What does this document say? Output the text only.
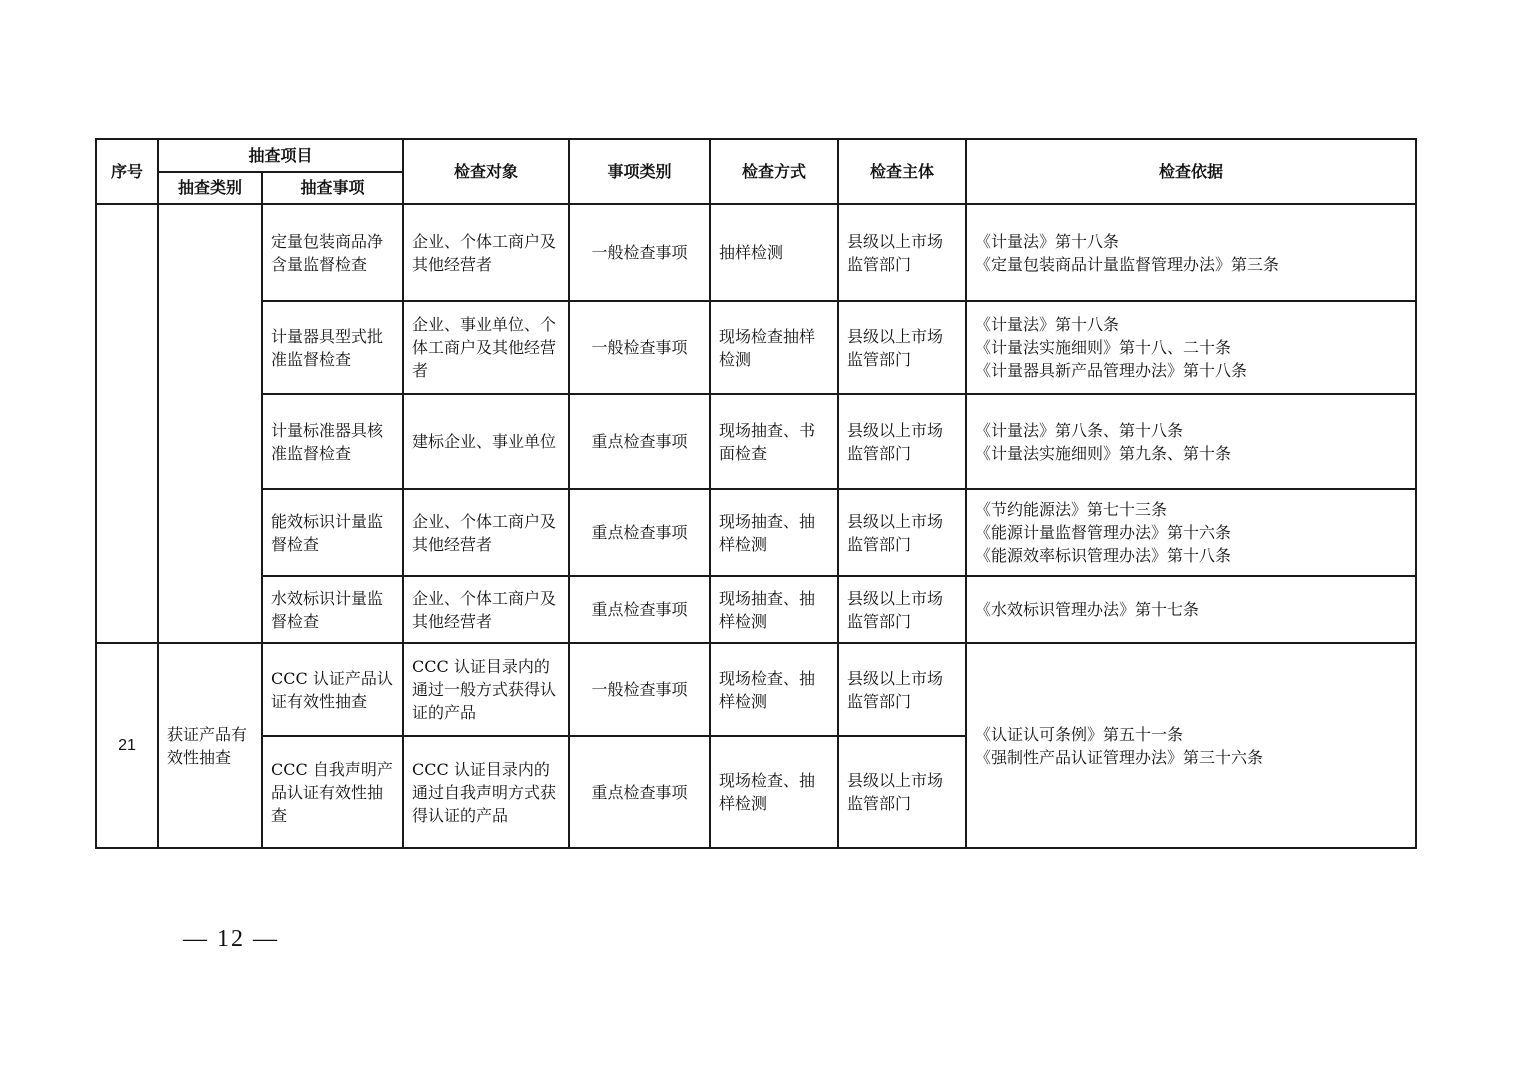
序号	抽查项目		检查对象	事项类别	检查方式	检查主体	检查依据
	抽查类别	抽查事项					
		定量包装商品净含量监督检查	企业、个体工商户及其他经营者	一般检查事项	抽样检测	县级以上市场监管部门	《计量法》第十八条
《定量包装商品计量监督管理办法》第三条
		计量器具型式批准监督检查	企业、事业单位、个体工商户及其他经营者	一般检查事项	现场检查抽样检测	县级以上市场监管部门	《计量法》第十八条
《计量法实施细则》第十八、二十条
《计量器具新产品管理办法》第十八条
		计量标准器具核准监督检查	建标企业、事业单位	重点检查事项	现场抽查、书面检查	县级以上市场监管部门	《计量法》第八条、第十八条
《计量法实施细则》第九条、第十条
		能效标识计量监督检查	企业、个体工商户及其他经营者	重点检查事项	现场抽查、抽样检测	县级以上市场监管部门	《节约能源法》第七十三条
《能源计量监督管理办法》第十六条
《能源效率标识管理办法》第十八条
		水效标识计量监督检查	企业、个体工商户及其他经营者	重点检查事项	现场抽查、抽样检测	县级以上市场监管部门	《水效标识管理办法》第十七条
21	获证产品有效性抽查	CCC 认证产品认证有效性抽查	CCC 认证目录内的通过一般方式获得认证的产品	一般检查事项	现场检查、抽样检测	县级以上市场监管部门	《认证认可条例》第五十一条
《强制性产品认证管理办法》第三十六条
		CCC 自我声明产品认证有效性抽查	CCC 认证目录内的通过自我声明方式获得认证的产品	重点检查事项	现场检查、抽样检测	县级以上市场监管部门	
— 12 —
